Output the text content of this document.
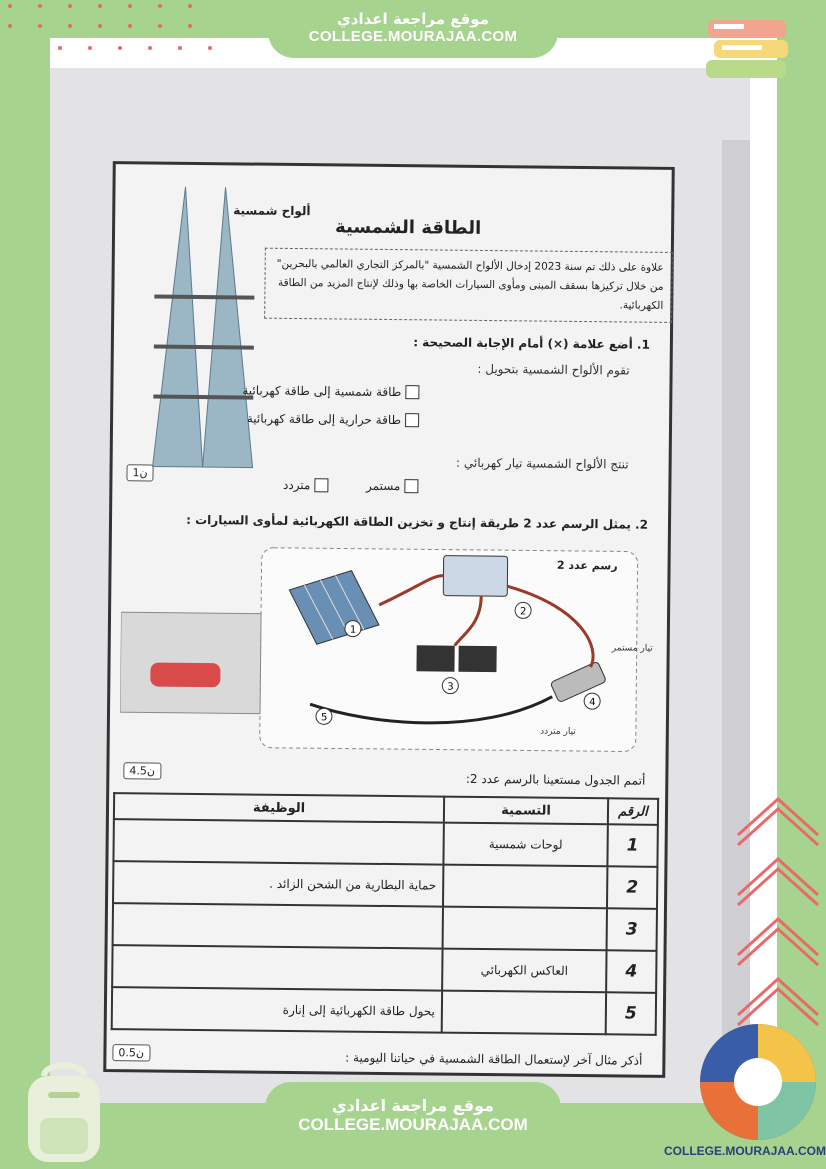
موقع مراجعة اعدادي
COLLEGE.MOURAJAA.COM
ألواح شمسية
الطاقة الشمسية
علاوة على ذلك تم سنة 2023 إدخال الألواح الشمسية "بالمركز التجاري العالمي بالبحرين" من خلال تركيزها بسقف المبنى ومأوى السيارات الخاصة بها وذلك لإنتاج المزيد من الطاقة الكهربائية.
1. أضع علامة (×) أمام الإجابة الصحيحة :
تقوم الألواح الشمسية بتحويل :
طاقة شمسية إلى طاقة كهربائية
طاقة حرارية إلى طاقة كهربائية
تنتج الألواح الشمسية تيار كهربائي :
مستمر
متردد
1ن
2. يمثل الرسم عدد 2 طريقة إنتاج و تخزين الطاقة الكهربائية لمأوى السيارات :
1
2
3
4
5
رسم عدد 2
تيار مستمر
تيار متردد
4.5ن
أتمم الجدول مستعينا بالرسم عدد 2:
الرقم	التسمية	الوظيفة
1	لوحات شمسية	
2		حماية البطارية من الشحن الزائد .
3		
4	العاكس الكهربائي	
5		يحول طاقة الكهربائية إلى إنارة
أذكر مثال آخر لإستعمال الطاقة الشمسية في حياتنا اليومية :
0.5ن
موقع مراجعة اعدادي
COLLEGE.MOURAJAA.COM
COLLEGE.MOURAJAA.COM
